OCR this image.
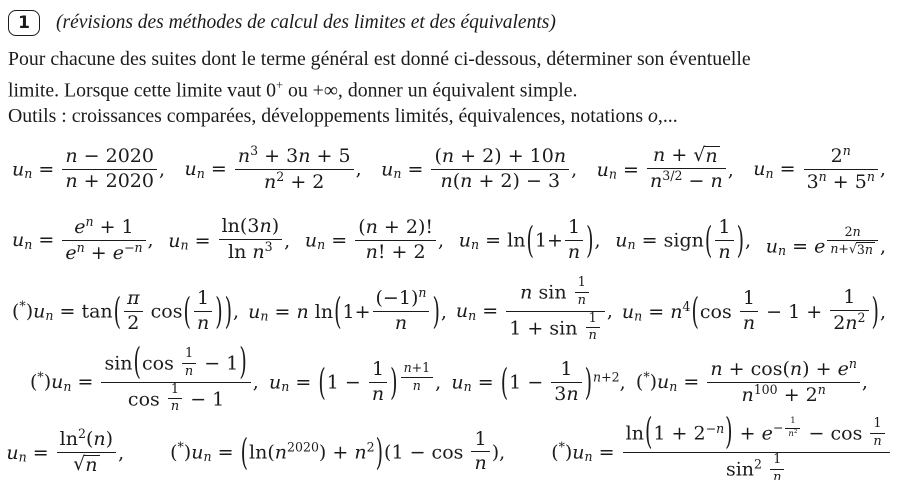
1 (révisions des méthodes de calcul des limites et des équivalents)
Pour chacune des suites dont le terme général est donné ci-dessous, déterminer son éventuelle
limite. Lorsque cette limite vaut 0+ ou +∞, donner un équivalent simple.
Outils : croissances comparées, développements limités, équivalences, notations o,...
$u_n = \frac{n - 2020}{n + 2020}$ , $u_n = \frac{n^3 + 3n + 5}{n^2 + 2}$ , $u_n = \frac{(n + 2) + 10n}{n(n + 2) - 3}$ , $u_n = \frac{n + √ n}{n^{3/2} - n}$ , $u_n = \frac{2^n}{3^n + 5^n}$ ,
$u_n = \frac{e^n + 1}{e^n + e^{-n}}$ , $u_n = \frac{\ln(3n)}{\ln n^3}$ , $u_n = \frac{(n + 2)!}{n! + 2}$ , $u_n = \ln(1+ \frac{1}{n}$ ), $u_n$ = sign( $\frac{1}{n}$ ), $u_n = e$ $^{\frac{2n}{n+ √ 3n}}$ ,
$(^*)u_n = \tan( \frac{\pi}{2} \cos( \frac{1}{n}$ ) ), $u_n = n$ $\ln(1+ \frac{(-1)^n}{n}$ ), $u_n = \frac{n \sin \frac{1}{n}}{1 + \sin \frac{1}{n}}$ , $u_n = n^4(\cos \frac{1}{n} - 1 + \frac{1}{2n^2}$ ),
$(^*)u_n = \frac{\sin(\cos \frac{1}{n} - 1)}{\cos \frac{1}{n} - 1}$ , $u_n = (1 - \frac{1}{n}$ ) $^{\frac{n+1}{n}}$ , $u_n = (1 - \frac{1}{3n} )^{n+2}$, $(^*)u_n = \frac{n + \cos(n) + e^n}{n^{100} + 2^n}$ ,
$u_n = \frac{\ln^2(n)}{√ n}$ , $(^*)u_n = (\ln(n^{2020}) + n^2)(1 - \cos \frac{1}{n}$ ), $(^*)u_n = \ln(1 + 2^{-n}) + e^{- \frac{1}{n^2}} - \cos \frac{1}{n}$
$\sin^2 \frac{1}{n}$
